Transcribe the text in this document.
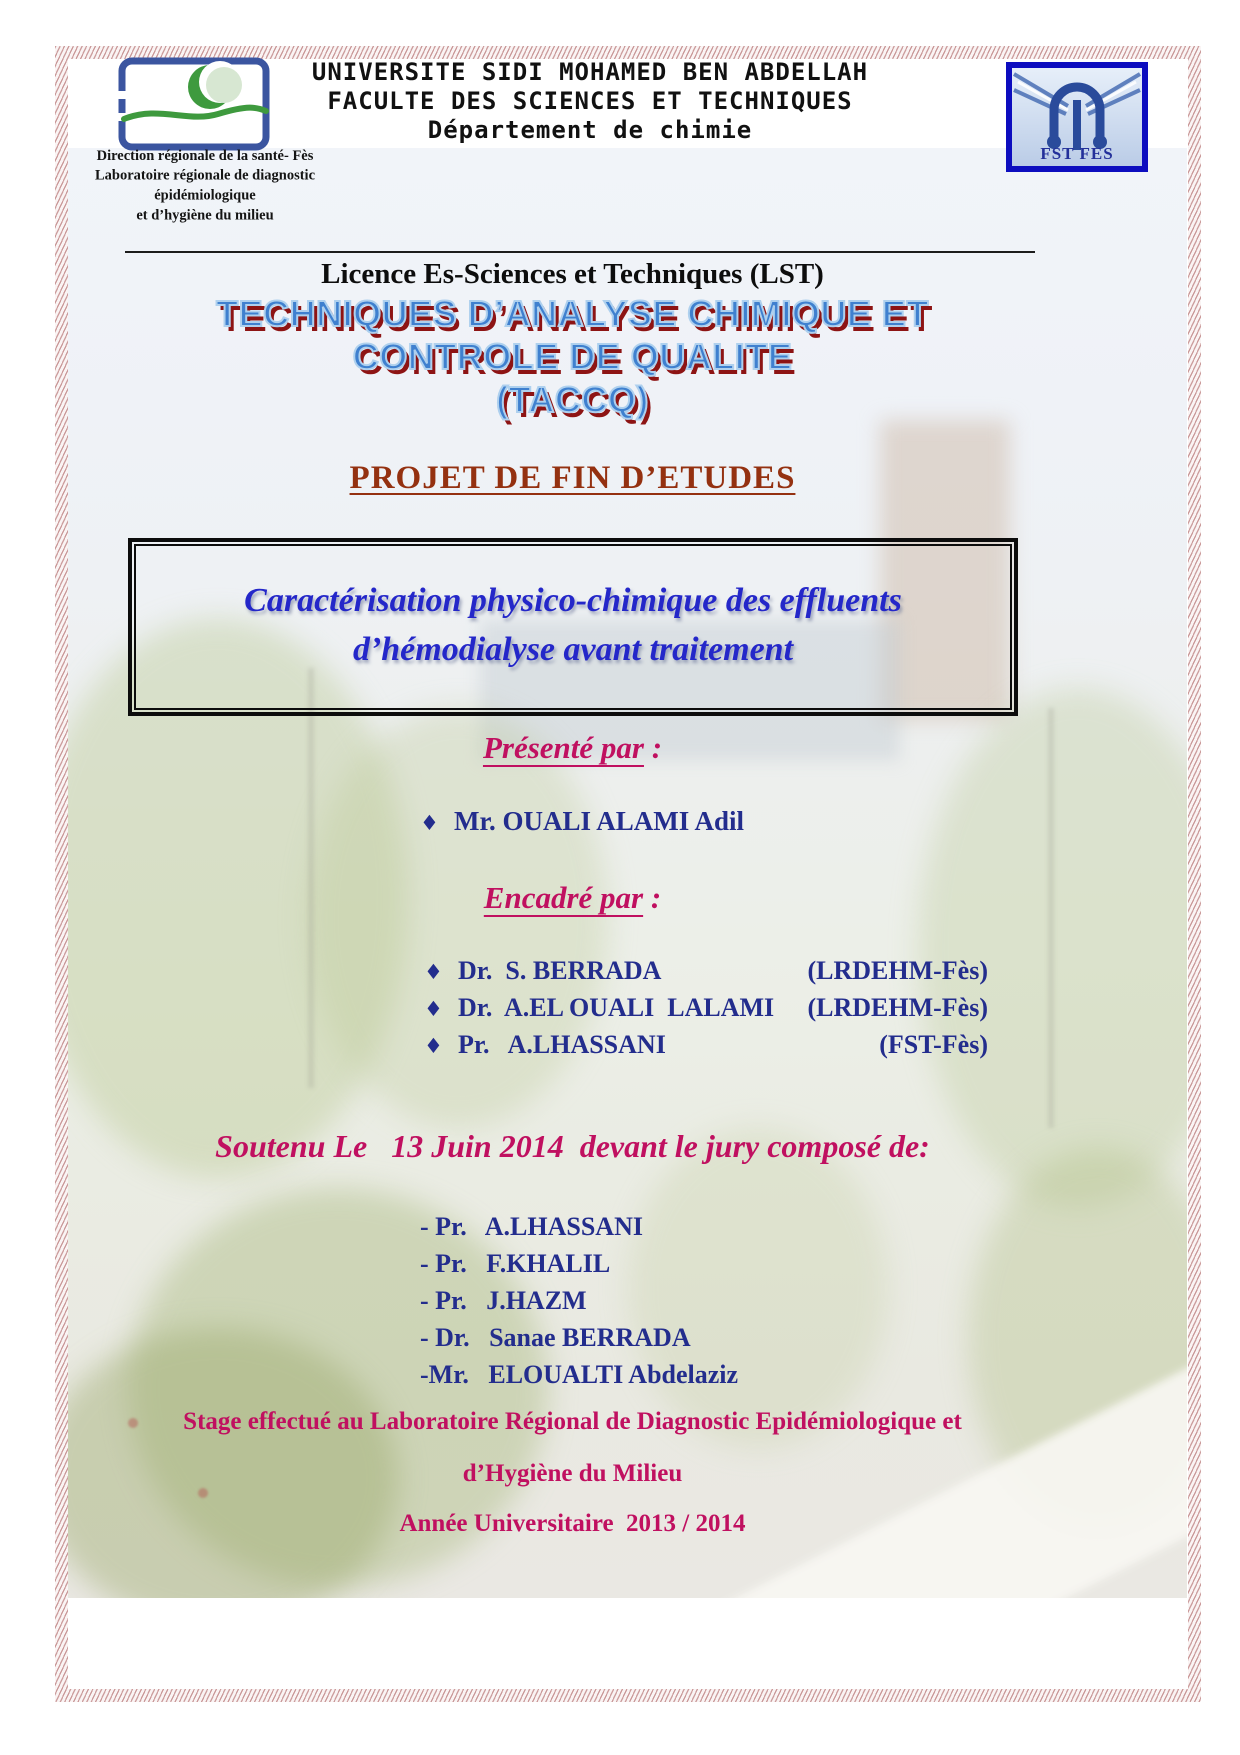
UNIVERSITE SIDI MOHAMED BEN ABDELLAH
FACULTE DES SCIENCES ET TECHNIQUES
Département de chimie
FST FES
Direction régionale de la santé- Fès
Laboratoire régionale de diagnostic épidémiologique
et d’hygiène du milieu
Licence Es-Sciences et Techniques (LST)
TECHNIQUES D’ANALYSE CHIMIQUE ET
CONTROLE DE QUALITE
(TACCQ)
PROJET DE FIN D’ETUDES
Caractérisation physico-chimique des effluents
d’hémodialyse avant traitement
Présenté par :
♦ Mr. OUALI ALAMI Adil
Encadré par :
♦ Dr.  S. BERRADA	(LRDEHM-Fès)
♦ Dr.  A.EL OUALI  LALAMI	(LRDEHM-Fès)
♦ Pr.   A.LHASSANI	(FST-Fès)
Soutenu Le   13 Juin 2014  devant le jury composé de:
- Pr.   A.LHASSANI
- Pr.   F.KHALIL
- Pr.   J.HAZM
- Dr.   Sanae BERRADA
-Mr.   ELOUALTI Abdelaziz
Stage effectué au Laboratoire Régional de Diagnostic Epidémiologique et
d’Hygiène du Milieu
Année Universitaire  2013 / 2014
